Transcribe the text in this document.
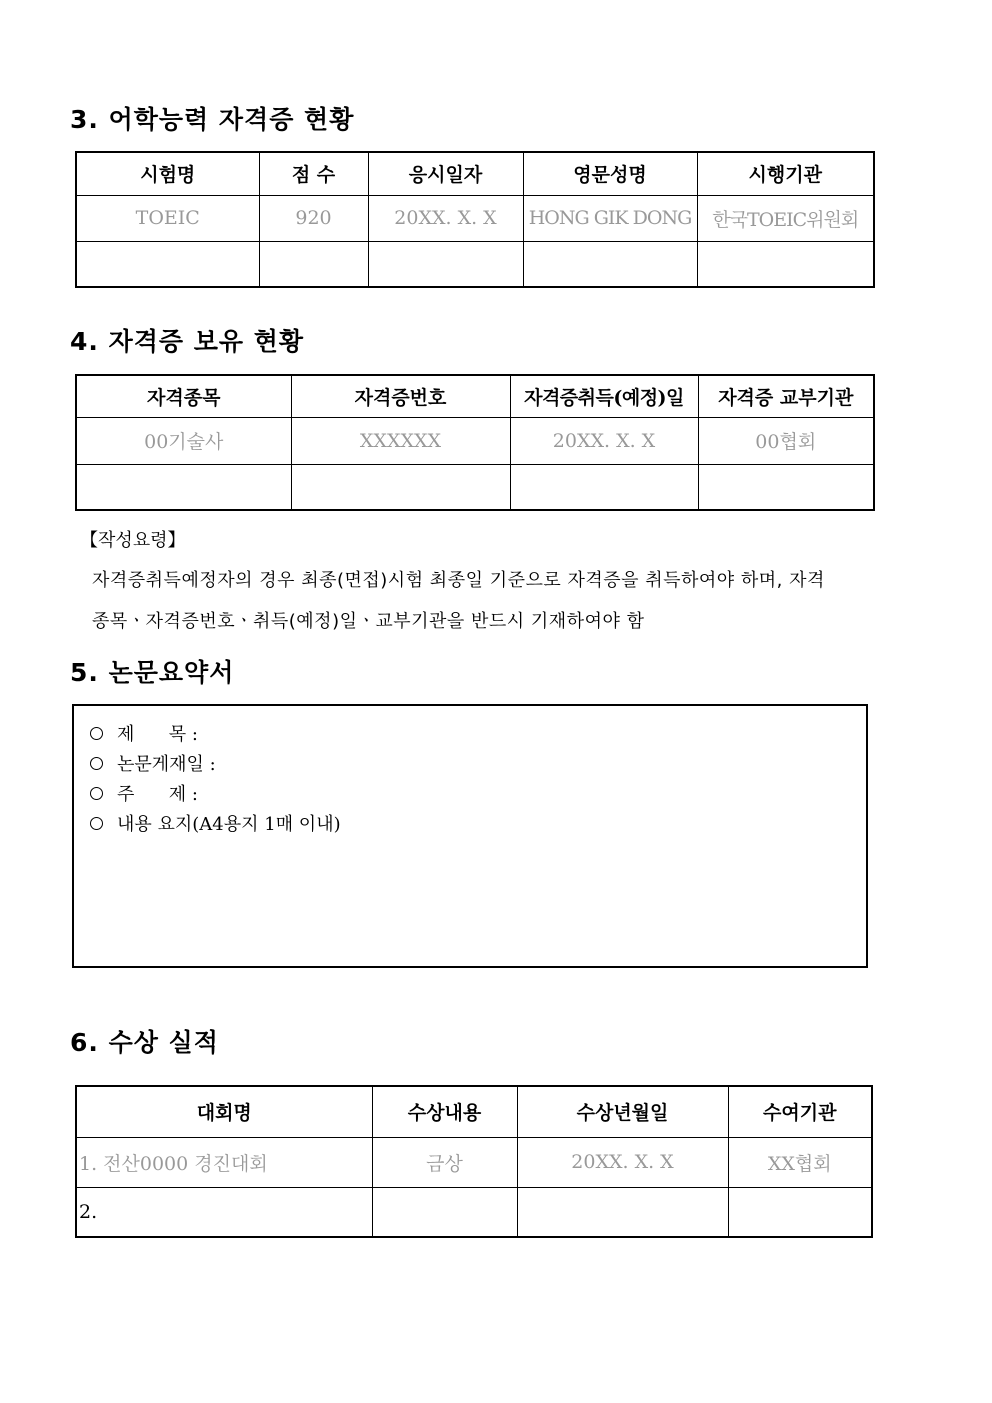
3. 어학능력 자격증 현황
시험명	점 수	응시일자	영문성명	시행기관
TOEIC	920	20XX. X. X	HONG GIK DONG	한국TOEIC위원회

4. 자격증 보유 현황
자격종목	자격증번호	자격증취득(예정)일	자격증 교부기관
00기술사	XXXXXX	20XX. X. X	00협회

【작성요령】
자격증취득예정자의 경우 최종(면접)시험 최종일 기준으로 자격증을 취득하여야 하며, 자격
종목ㆍ자격증번호ㆍ취득(예정)일ㆍ교부기관을 반드시 기재하여야 함
5. 논문요약서
제      목 :
논문게재일 :
주      제 :
내용 요지(A4용지 1매 이내)
6. 수상 실적
대회명	수상내용	수상년월일	수여기관
1. 전산0000 경진대회	금상	20XX. X. X	XX협회
2.			
